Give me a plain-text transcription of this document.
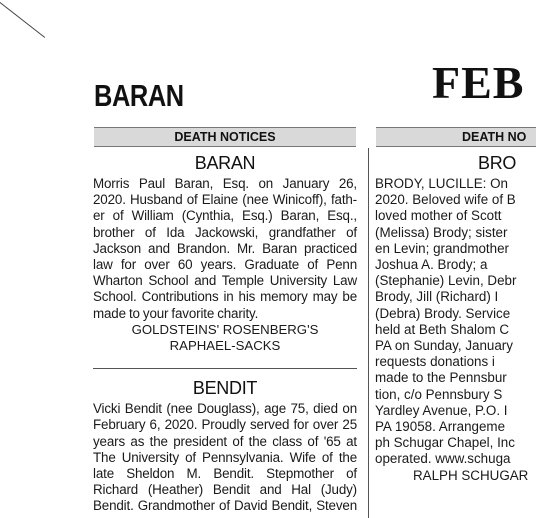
BARAN	FEB
DEATH NOTICES	DEATH NO
BARAN
Morris Paul Baran, Esq. on January 26,
2020. Husband of Elaine (nee Winicoff), fath-
er of William (Cynthia, Esq.) Baran, Esq.,
brother of Ida Jackowski, grandfather of
Jackson and Brandon. Mr. Baran practiced
law for over 60 years. Graduate of Penn
Wharton School and Temple University Law
School. Contributions in his memory may be
made to your favorite charity.
GOLDSTEINS' ROSENBERG'S
RAPHAEL-SACKS
BENDIT
Vicki Bendit (nee Douglass), age 75, died on
February 6, 2020. Proudly served for over 25
years as the president of the class of '65 at
The University of Pennsylvania. Wife of the
late Sheldon M. Bendit. Stepmother of
Richard (Heather) Bendit and Hal (Judy)
Bendit. Grandmother of David Bendit, Steven
BRO
BRODY, LUCILLE: On
2020. Beloved wife of B
loved mother of Scott
(Melissa) Brody; sister
en Levin; grandmother
Joshua A. Brody; a
(Stephanie) Levin, Debr
Brody, Jill (Richard) I
(Debra) Brody. Service
held at Beth Shalom C
PA on Sunday, January
requests donations i
made to the Pennsbur
tion, c/o Pennsbury S
Yardley Avenue, P.O. I
PA 19058. Arrangeme
ph Schugar Chapel, Inc
operated. www.schuga
RALPH SCHUGAR
